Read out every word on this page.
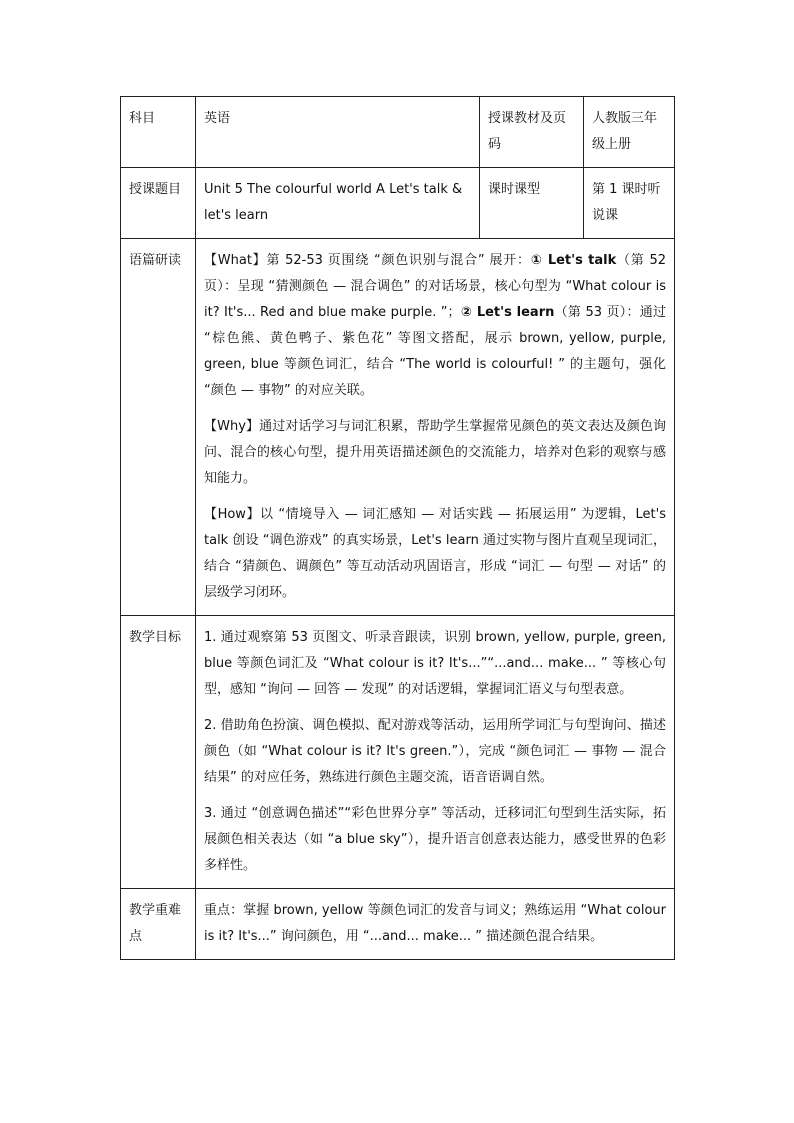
科目	英语	授课教材及页码	人教版三年级上册
授课题目	Unit 5 The colourful world A Let's talk & let's learn	课时课型	第 1 课时听说课
语篇研读	【What】第 52-53 页围绕 “颜色识别与混合” 展开：① Let's talk（第 52 页）：呈现 “猜测颜色 — 混合调色” 的对话场景，核心句型为 “What colour is it? It's... Red and blue make purple. ”；② Let's learn（第 53 页）：通过 “棕色熊、黄色鸭子、紫色花” 等图文搭配，展示 brown, yellow, purple, green, blue 等颜色词汇，结合 “The world is colourful! ” 的主题句，强化 “颜色 — 事物” 的对应关联。

【Why】通过对话学习与词汇积累，帮助学生掌握常见颜色的英文表达及颜色询问、混合的核心句型，提升用英语描述颜色的交流能力，培养对色彩的观察与感知能力。

【How】以 “情境导入 — 词汇感知 — 对话实践 — 拓展运用” 为逻辑，Let's talk 创设 “调色游戏” 的真实场景，Let's learn 通过实物与图片直观呈现词汇，结合 “猜颜色、调颜色” 等互动活动巩固语言，形成 “词汇 — 句型 — 对话” 的层级学习闭环。		

教学目标	1. 通过观察第 53 页图文、听录音跟读，识别 brown, yellow, purple, green, blue 等颜色词汇及 “What colour is it? It's...”“...and... make... ” 等核心句型，感知 “询问 — 回答 — 发现” 的对话逻辑，掌握词汇语义与句型表意。

2. 借助角色扮演、调色模拟、配对游戏等活动，运用所学词汇与句型询问、描述颜色（如 “What colour is it? It's green.”），完成 “颜色词汇 — 事物 — 混合结果” 的对应任务，熟练进行颜色主题交流，语音语调自然。

3. 通过 “创意调色描述”“彩色世界分享” 等活动，迁移词汇句型到生活实际，拓展颜色相关表达（如 “a blue sky”），提升语言创意表达能力，感受世界的色彩多样性。		

教学重难点	重点：掌握 brown, yellow 等颜色词汇的发音与词义；熟练运用 “What colour is it? It's...” 询问颜色，用 “...and... make... ” 描述颜色混合结果。		
